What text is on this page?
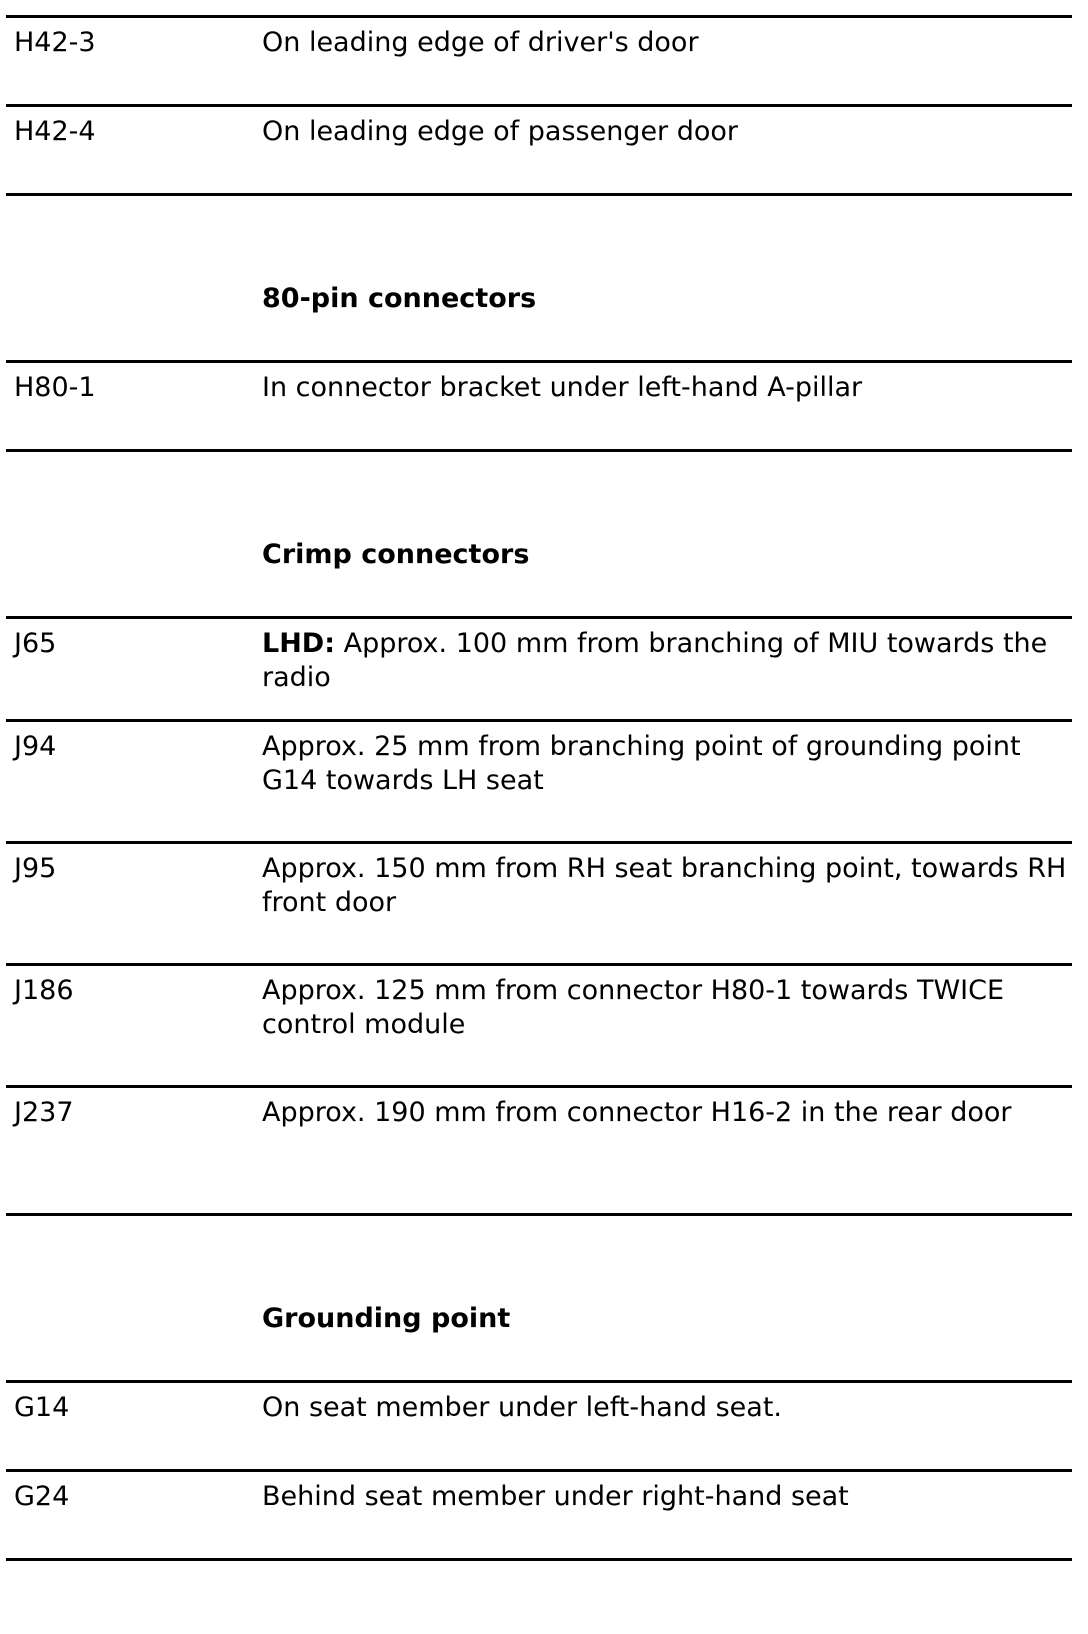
H42-3	On leading edge of driver's door
H42-4	On leading edge of passenger door
80-pin connectors
H80-1	In connector bracket under left-hand A-pillar
Crimp connectors
J65	LHD: Approx. 100 mm from branching of MIU towards the radio
J94	Approx. 25 mm from branching point of grounding point G14 towards LH seat
J95	Approx. 150 mm from RH seat branching point, towards RH front door
J186	Approx. 125 mm from connector H80-1 towards TWICE control module
J237	Approx. 190 mm from connector H16-2 in the rear door
Grounding point
G14	On seat member under left-hand seat.
G24	Behind seat member under right-hand seat
